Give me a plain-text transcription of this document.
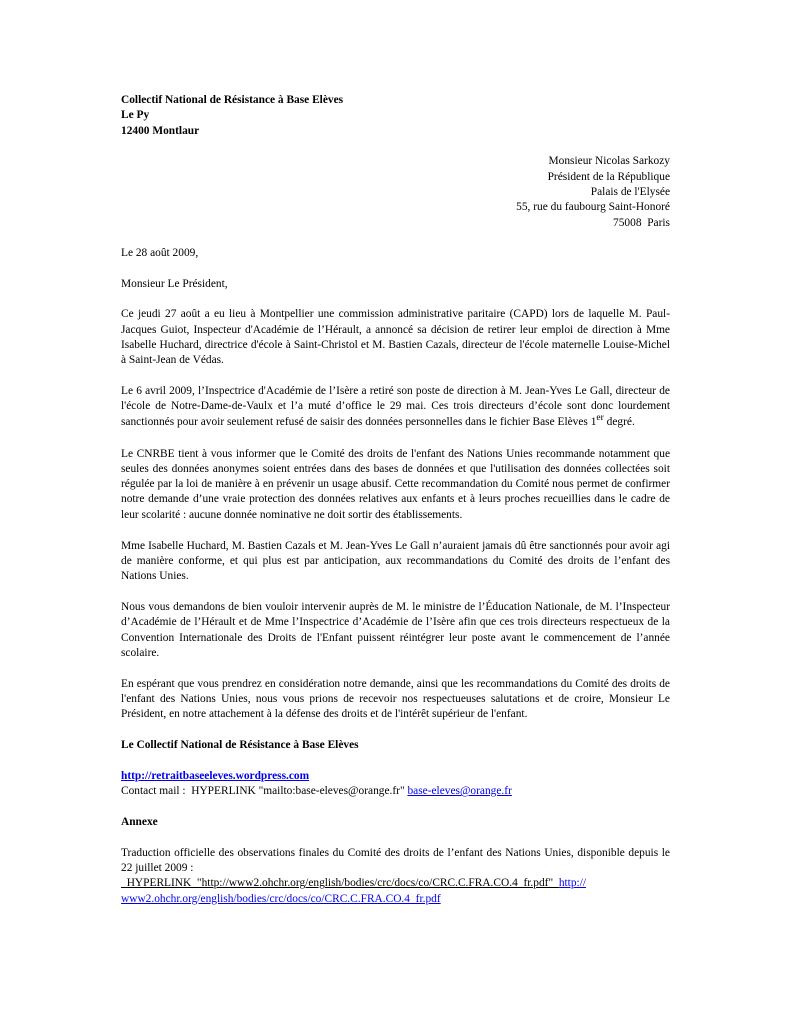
Collectif National de Résistance à Base Elèves
Le Py
12400 Montlaur
Monsieur Nicolas Sarkozy
Président de la République
Palais de l'Elysée
55, rue du faubourg Saint-Honoré
75008  Paris
Le 28 août 2009,
Monsieur Le Président,

Ce jeudi 27 août a eu lieu à Montpellier une commission administrative paritaire (CAPD) lors de laquelle M. Paul-Jacques Guiot, Inspecteur d'Académie de l’Hérault, a annoncé sa décision de retirer leur emploi de direction à Mme Isabelle Huchard, directrice d'école à Saint-Christol et M. Bastien Cazals, directeur de l'école maternelle Louise-Michel à Saint-Jean de Védas.

Le 6 avril 2009, l’Inspectrice d'Académie de l’Isère a retiré son poste de direction à M. Jean-Yves Le Gall, directeur de l'école de Notre-Dame-de-Vaulx et l’a muté d’office le 29 mai. Ces trois directeurs d’école sont donc lourdement sanctionnés pour avoir seulement refusé de saisir des données personnelles dans le fichier Base Elèves 1er degré.

Le CNRBE tient à vous informer que le Comité des droits de l'enfant des Nations Unies recommande notamment que seules des données anonymes soient entrées dans des bases de données et que l'utilisation des données collectées soit régulée par la loi de manière à en prévenir un usage abusif. Cette recommandation du Comité nous permet de confirmer notre demande d’une vraie protection des données relatives aux enfants et à leurs proches recueillies dans le cadre de leur scolarité : aucune donnée nominative ne doit sortir des établissements.

Mme Isabelle Huchard, M. Bastien Cazals et M. Jean-Yves Le Gall n’auraient jamais dû être sanctionnés pour avoir agi de manière conforme, et qui plus est par anticipation, aux recommandations du Comité des droits de l’enfant des Nations Unies.

Nous vous demandons de bien vouloir intervenir auprès de M. le ministre de l’Éducation Nationale, de M. l’Inspecteur d’Académie de l’Hérault et de Mme l’Inspectrice d’Académie de l’Isère afin que ces trois directeurs respectueux de la Convention Internationale des Droits de l'Enfant puissent réintégrer leur poste avant le commencement de l’année scolaire.

En espérant que vous prendrez en considération notre demande, ainsi que les recommandations du Comité des droits de l'enfant des Nations Unies, nous vous prions de recevoir nos respectueuses salutations et de croire, Monsieur Le Président, en notre attachement à la défense des droits et de l'intérêt supérieur de l'enfant.

Le Collectif National de Résistance à Base Elèves
http://retraitbaseeleves.wordpress.com
Contact mail :  HYPERLINK "mailto:base-eleves@orange.fr" base-eleves@orange.fr
Annexe
Traduction officielle des observations finales du Comité des droits de l’enfant des Nations Unies, disponible depuis le 22 juillet 2009 :
HYPERLINK  "http://www2.ohchr.org/english/bodies/crc/docs/co/CRC.C.FRA.CO.4_fr.pdf"  http://
www2.ohchr.org/english/bodies/crc/docs/co/CRC.C.FRA.CO.4_fr.pdf
